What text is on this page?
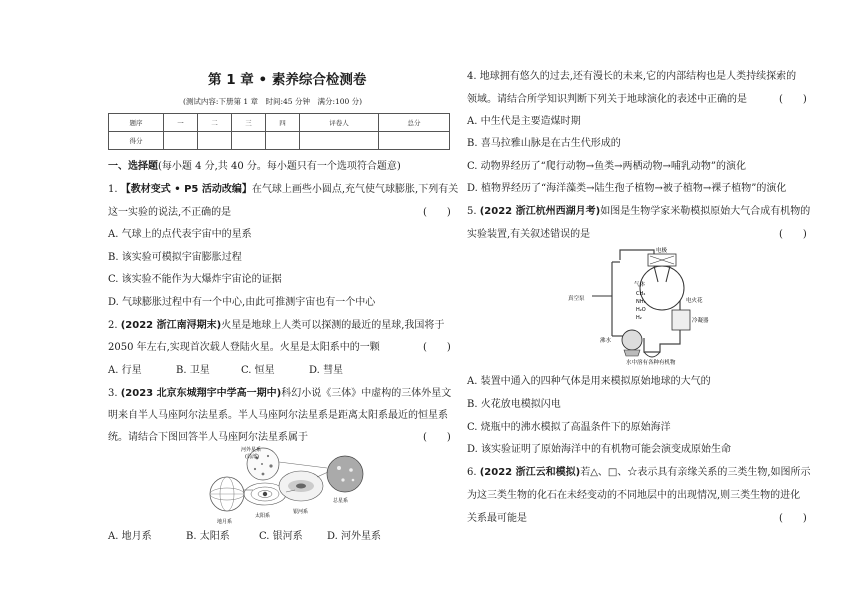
第 1 章 • 素养综合检测卷
(测试内容:下册第 1 章　时间:45 分钟　满分:100 分)
题序	一	二	三	四	评卷人	总分
得分						
一、选择题(每小题 4 分,共 40 分。每小题只有一个选项符合题意)
1. 【教材变式 • P5 活动改编】在气球上画些小圆点,充气使气球膨胀,下列有关
这一实验的说法,不正确的是	(　　)
A. 气球上的点代表宇宙中的星系
B. 该实验可模拟宇宙膨胀过程
C. 该实验不能作为大爆炸宇宙论的证据
D. 气球膨胀过程中有一个中心,由此可推测宇宙也有一个中心
2. (2022 浙江南浔期末)火星是地球上人类可以探测的最近的星球,我国将于
2050 年左右,实现首次载人登陆火星。火星是太阳系中的一颗	(　　)
A. 行星	B. 卫星	C. 恒星	D. 彗星
3. (2023 北京东城翔宇中学高一期中)科幻小说《三体》中虚构的三体外星文
明来自半人马座阿尔法星系。半人马座阿尔法星系是距离太阳系最近的恒星系
统。请结合下图回答半人马座阿尔法星系属于	(　　)
河外星系
(局部)
总星系
银河系
太阳系
地月系
A. 地月系	B. 太阳系	C. 银河系 D. 河外星系
4. 地球拥有悠久的过去,还有漫长的未来,它的内部结构也是人类持续探索的
领域。请结合所学知识判断下列关于地球演化的表述中正确的是	(　　)
A. 中生代是主要造煤时期
B. 喜马拉雅山脉是在古生代形成的
C. 动物界经历了“爬行动物→鱼类→两栖动物→哺乳动物”的演化
D. 植物界经历了“海洋藻类→陆生孢子植物→被子植物→裸子植物”的演化
5. (2022 浙江杭州西湖月考)如图是生物学家米勒模拟原始大气合成有机物的
实验装置,有关叙述错误的是	(　　)
电极
气体
CH₄
NH₃
H₂O
H₂
电火花
冷凝器
真空泵
沸水
水中溶有各种有机物
A. 装置中通入的四种气体是用来模拟原始地球的大气的
B. 火花放电模拟闪电
C. 烧瓶中的沸水模拟了高温条件下的原始海洋
D. 该实验证明了原始海洋中的有机物可能会演变成原始生命
6. (2022 浙江云和模拟)若△、□、☆表示具有亲缘关系的三类生物,如图所示
为这三类生物的化石在未经变动的不同地层中的出现情况,则三类生物的进化
关系最可能是	(　　)
